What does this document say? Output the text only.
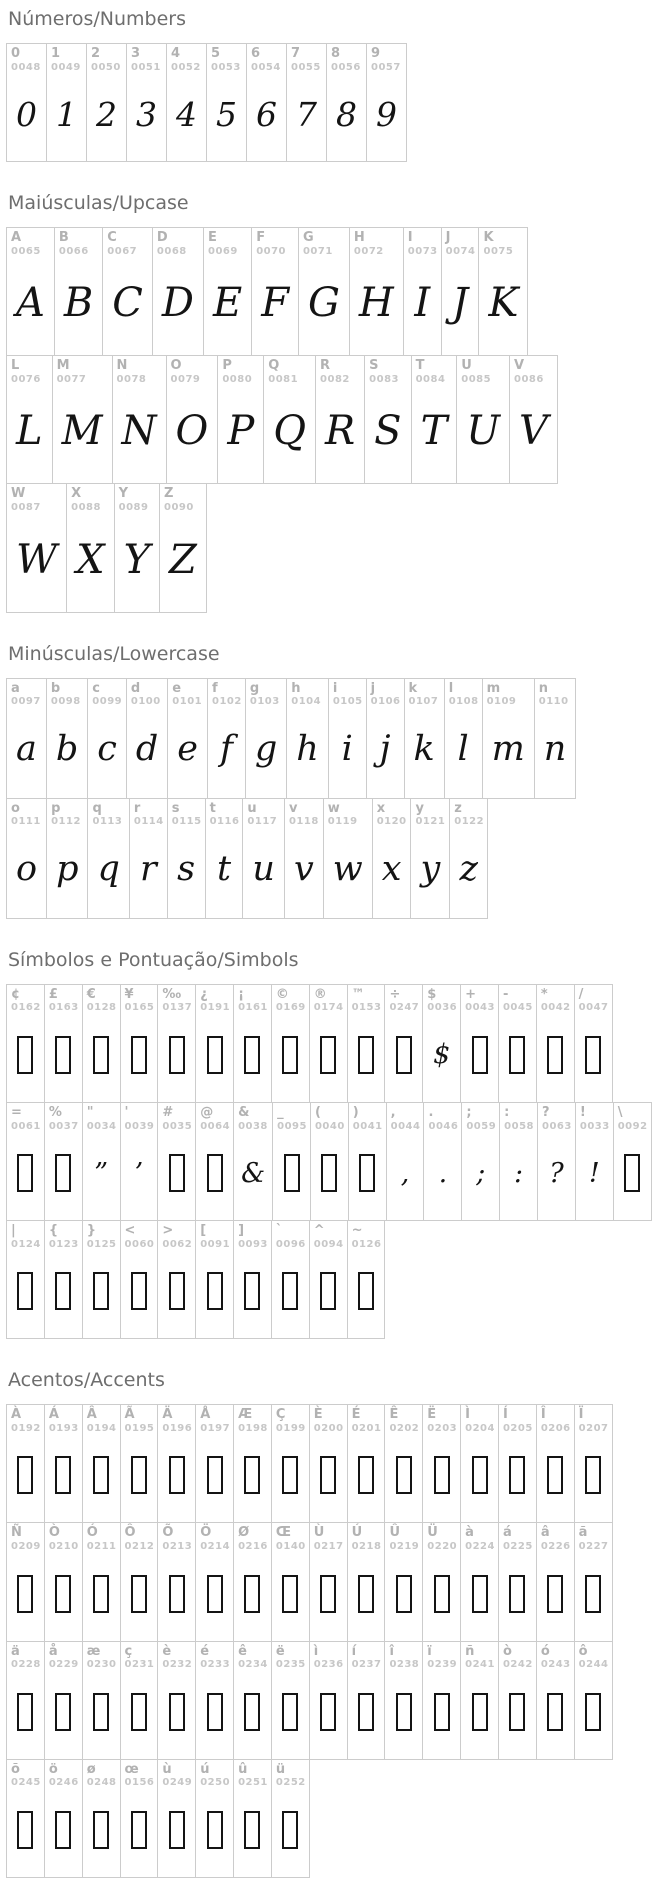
Números/Numbers
0
0048
0
1
0049
1
2
0050
2
3
0051
3
4
0052
4
5
0053
5
6
0054
6
7
0055
7
8
0056
8
9
0057
9
Maiúsculas/Upcase
A
0065
A
B
0066
B
C
0067
C
D
0068
D
E
0069
E
F
0070
F
G
0071
G
H
0072
H
I
0073
I
J
0074
J
K
0075
K
L
0076
L
M
0077
M
N
0078
N
O
0079
O
P
0080
P
Q
0081
Q
R
0082
R
S
0083
S
T
0084
T
U
0085
U
V
0086
V
W
0087
W
X
0088
X
Y
0089
Y
Z
0090
Z
Minúsculas/Lowercase
a
0097
a
b
0098
b
c
0099
c
d
0100
d
e
0101
e
f
0102
f
g
0103
g
h
0104
h
i
0105
i
j
0106
j
k
0107
k
l
0108
l
m
0109
m
n
0110
n
o
0111
o
p
0112
p
q
0113
q
r
0114
r
s
0115
s
t
0116
t
u
0117
u
v
0118
v
w
0119
w
x
0120
x
y
0121
y
z
0122
z
Símbolos e Pontuação/Simbols
¢
0162
£
0163
€
0128
¥
0165
‰
0137
¿
0191
¡
0161
©
0169
®
0174
™
0153
÷
0247
$
0036
$
+
0043
-
0045
*
0042
/
0047
=
0061
%
0037
"
0034
”
'
0039
’
#
0035
@
0064
&
0038
&
_
0095
(
0040
)
0041
,
0044
,
.
0046
.
;
0059
;
:
0058
:
?
0063
?
!
0033
!
\
0092
|
0124
{
0123
}
0125
<
0060
>
0062
[
0091
]
0093
`
0096
^
0094
~
0126
Acentos/Accents
À
0192
Á
0193
Â
0194
Ã
0195
Ä
0196
Å
0197
Æ
0198
Ç
0199
È
0200
É
0201
Ê
0202
Ë
0203
Ì
0204
Í
0205
Î
0206
Ï
0207
Ñ
0209
Ò
0210
Ó
0211
Ô
0212
Õ
0213
Ö
0214
Ø
0216
Œ
0140
Ù
0217
Ú
0218
Û
0219
Ü
0220
à
0224
á
0225
â
0226
ã
0227
ä
0228
å
0229
æ
0230
ç
0231
è
0232
é
0233
ê
0234
ë
0235
ì
0236
í
0237
î
0238
ï
0239
ñ
0241
ò
0242
ó
0243
ô
0244
õ
0245
ö
0246
ø
0248
œ
0156
ù
0249
ú
0250
û
0251
ü
0252
